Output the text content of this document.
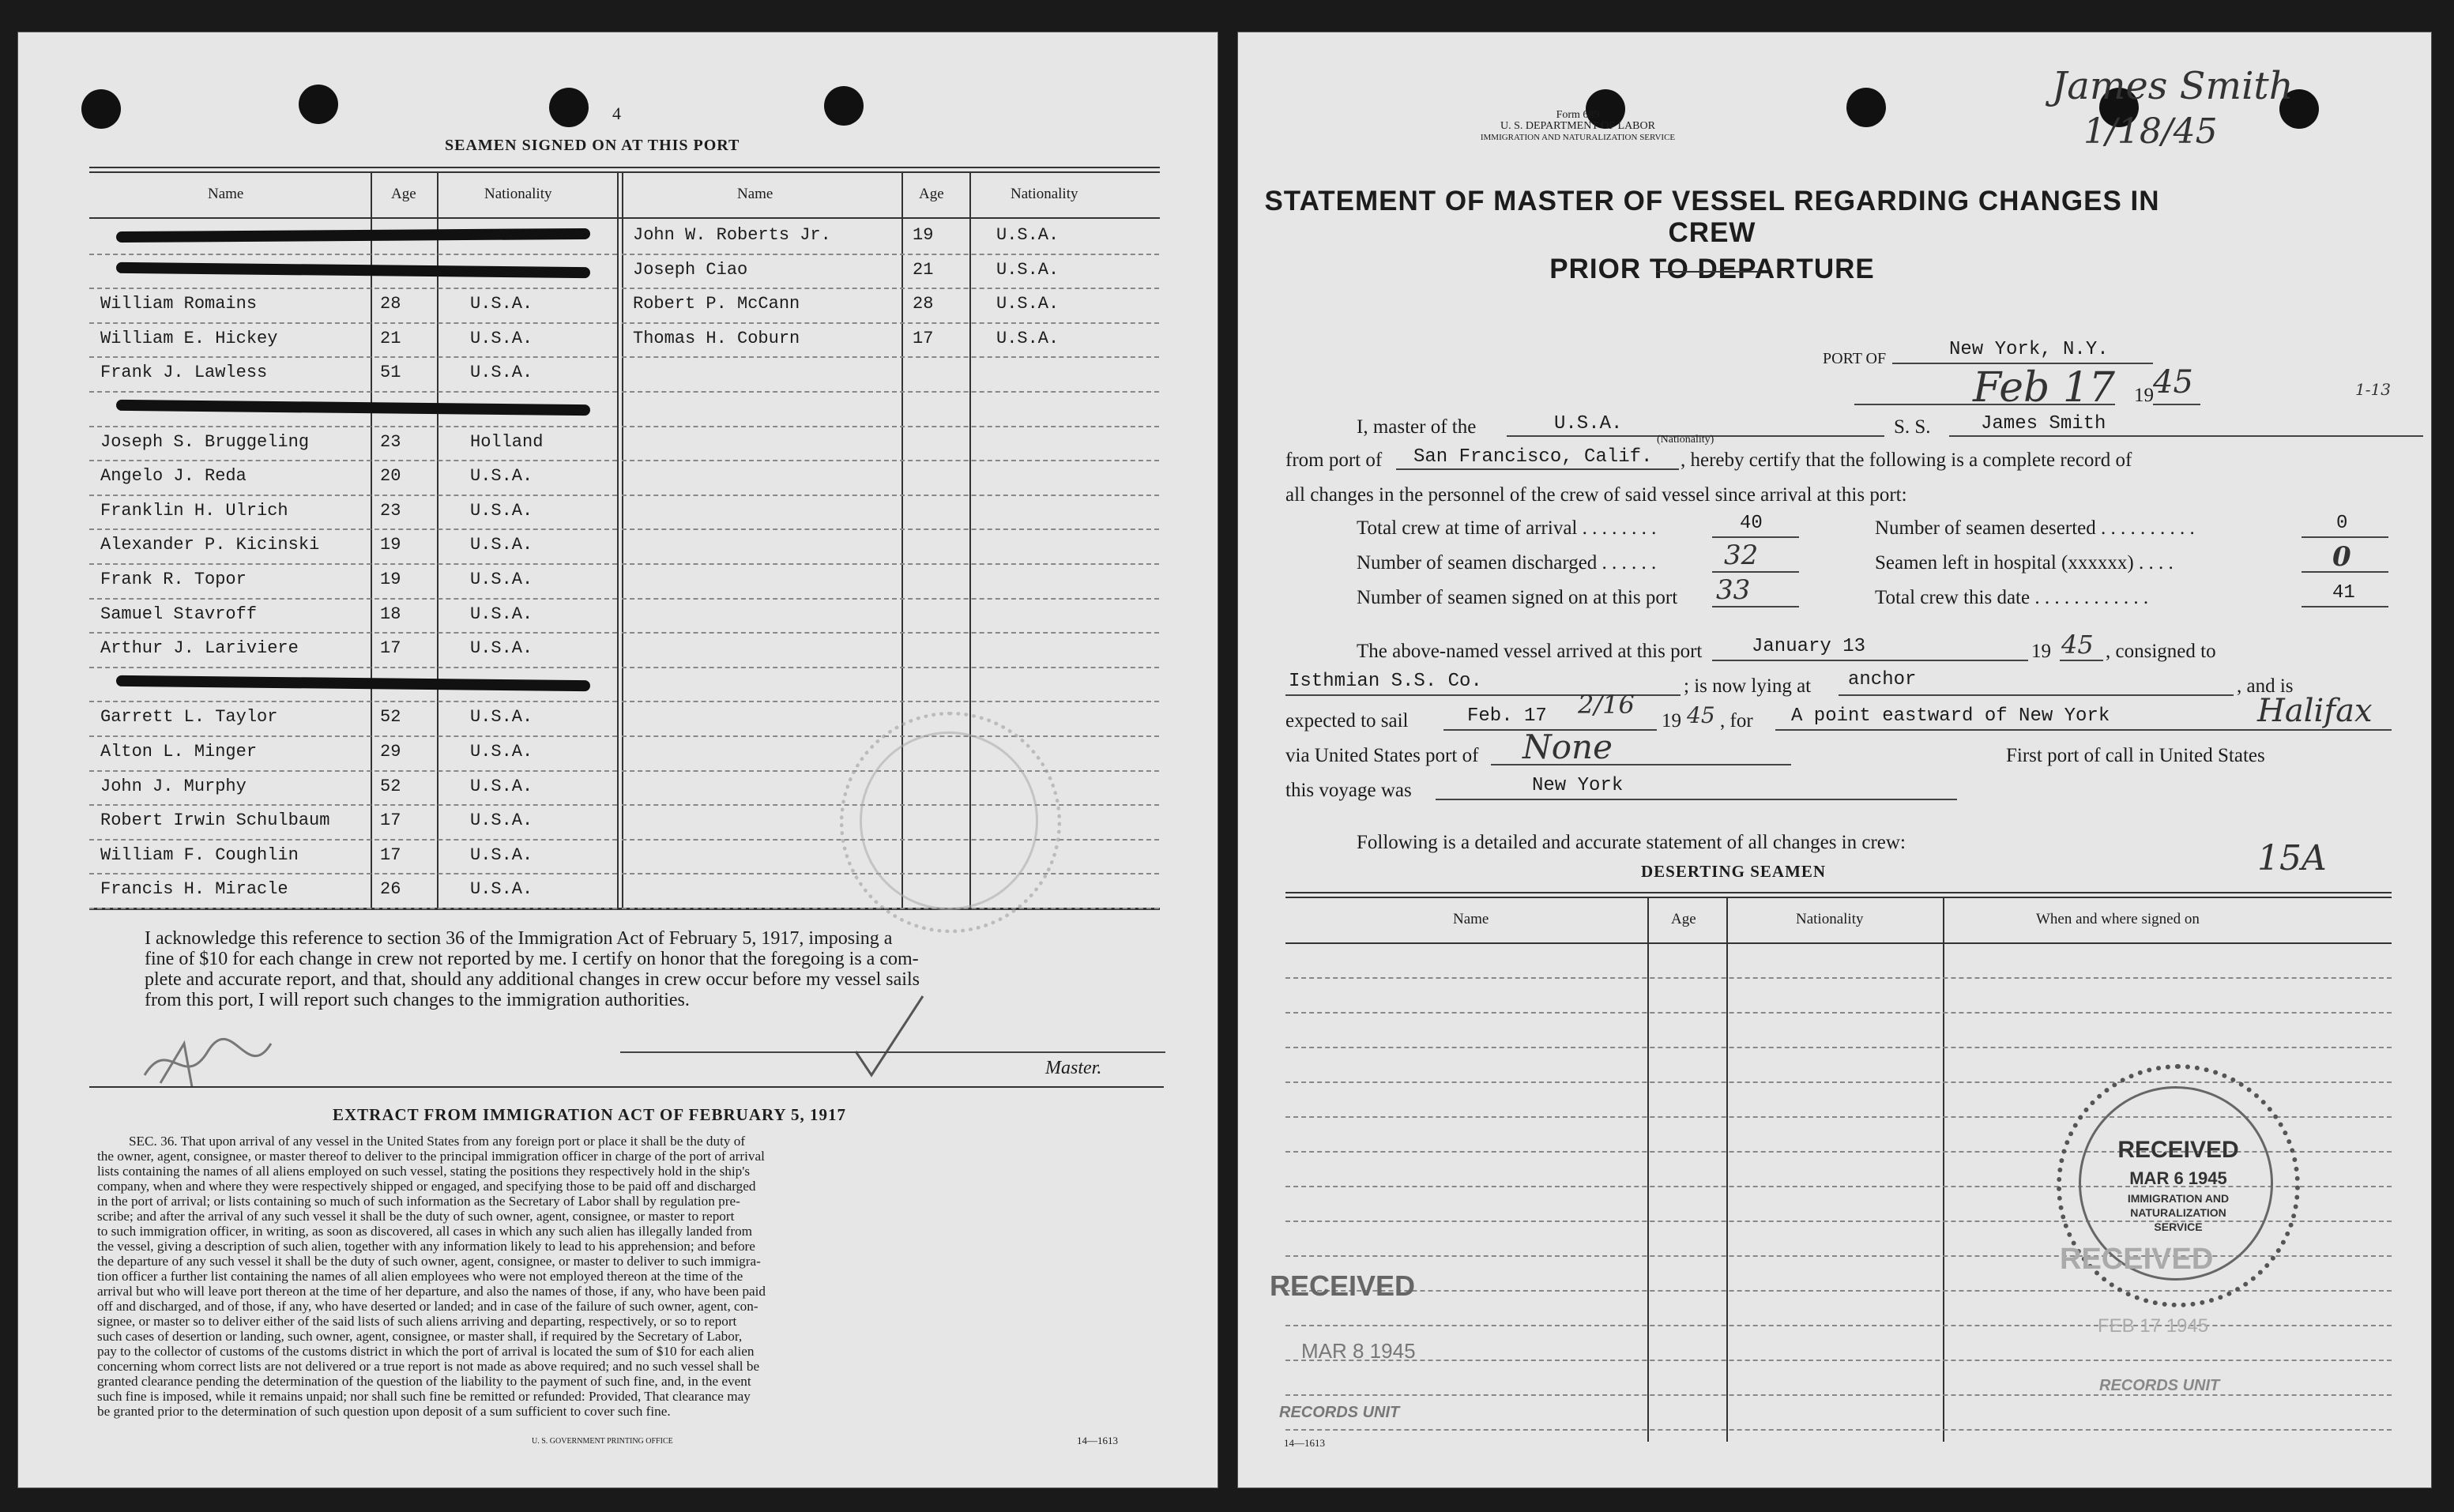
4
SEAMEN SIGNED ON AT THIS PORT
Name	Age	Nationality	Name	Age	Nationality
William Romains	28	U.S.A.
William E. Hickey	21	U.S.A.
Frank J. Lawless	51	U.S.A.
Joseph S. Bruggeling	23	Holland
Angelo J. Reda	20	U.S.A.
Franklin H. Ulrich	23	U.S.A.
Alexander P. Kicinski	19	U.S.A.
Frank R. Topor	19	U.S.A.
Samuel Stavroff	18	U.S.A.
Arthur J. Lariviere	17	U.S.A.
Garrett L. Taylor	52	U.S.A.
Alton L. Minger	29	U.S.A.
John J. Murphy	52	U.S.A.
Robert Irwin Schulbaum	17	U.S.A.
William F. Coughlin	17	U.S.A.
Francis H. Miracle	26	U.S.A.
John W. Roberts Jr.	19	U.S.A.
Joseph Ciao	21	U.S.A.
Robert P. McCann	28	U.S.A.
Thomas H. Coburn	17	U.S.A.
I acknowledge this reference to section 36 of the Immigration Act of February 5, 1917, imposing a
fine of $10 for each change in crew not reported by me. I certify on honor that the foregoing is a com-
plete and accurate report, and that, should any additional changes in crew occur before my vessel sails
from this port, I will report such changes to the immigration authorities.
Master.
EXTRACT FROM IMMIGRATION ACT OF FEBRUARY 5, 1917
SEC. 36. That upon arrival of any vessel in the United States from any foreign port or place it shall be the duty of
the owner, agent, consignee, or master thereof to deliver to the principal immigration officer in charge of the port of arrival
lists containing the names of all aliens employed on such vessel, stating the positions they respectively hold in the ship's
company, when and where they were respectively shipped or engaged, and specifying those to be paid off and discharged
in the port of arrival; or lists containing so much of such information as the Secretary of Labor shall by regulation pre-
scribe; and after the arrival of any such vessel it shall be the duty of such owner, agent, consignee, or master to report
to such immigration officer, in writing, as soon as discovered, all cases in which any such alien has illegally landed from
the vessel, giving a description of such alien, together with any information likely to lead to his apprehension; and before
the departure of any such vessel it shall be the duty of such owner, agent, consignee, or master to deliver to such immigra-
tion officer a further list containing the names of all alien employees who were not employed thereon at the time of the
arrival but who will leave port thereon at the time of her departure, and also the names of those, if any, who have been paid
off and discharged, and of those, if any, who have deserted or landed; and in case of the failure of such owner, agent, con-
signee, or master so to deliver either of the said lists of such aliens arriving and departing, respectively, or so to report
such cases of desertion or landing, such owner, agent, consignee, or master shall, if required by the Secretary of Labor,
pay to the collector of customs of the customs district in which the port of arrival is located the sum of $10 for each alien
concerning whom correct lists are not delivered or a true report is not made as above required; and no such vessel shall be
granted clearance pending the determination of the question of the liability to the payment of such fine, and, in the event
such fine is imposed, while it remains unpaid; nor shall such fine be remitted or refunded: Provided, That clearance may
be granted prior to the determination of such question upon deposit of a sum sufficient to cover such fine.
U. S. GOVERNMENT PRINTING OFFICE	14—1613
Form 689
U. S. DEPARTMENT OF LABOR
IMMIGRATION AND NATURALIZATION SERVICE
James Smith
1/18/45
STATEMENT OF MASTER OF VESSEL REGARDING CHANGES IN CREW
PRIOR TO DEPARTURE
PORT OF	New York, N.Y.
Feb 17 19 45	1-13
I, master of the	U.S.A.
(Nationality)
S. S.	James Smith
from port of San Francisco, Calif. , hereby certify that the following is a complete record of
all changes in the personnel of the crew of said vessel since arrival at this port:
Total crew at time of arrival . . . . . . . .	40
Number of seamen discharged . . . . . .	32
Number of seamen signed on at this port 33
Number of seamen deserted . . . . . . . . . .	0
Seamen left in hospital (xxxxxx) . . . .	0
Total crew this date . . . . . . . . . . . .	41
The above-named vessel arrived at this port	January 13	19 45 , consigned to
Isthmian S.S. Co.	; is now lying at anchor	, and is
expected to sail	Feb. 17 2/16
19 45 , for A point eastward of New York	Halifax
via United States port of None	First port of call in United States
this voyage was	New York
Following is a detailed and accurate statement of all changes in crew:
DESERTING SEAMEN	15A
Name	Age	Nationality	When and where signed on
RECEIVED
MAR 8 1945
RECORDS UNIT
RECEIVED
MAR 6 1945
IMMIGRATION AND
NATURALIZATION
SERVICE
RECEIVED
FEB 17 1945
RECORDS UNIT
14—1613
